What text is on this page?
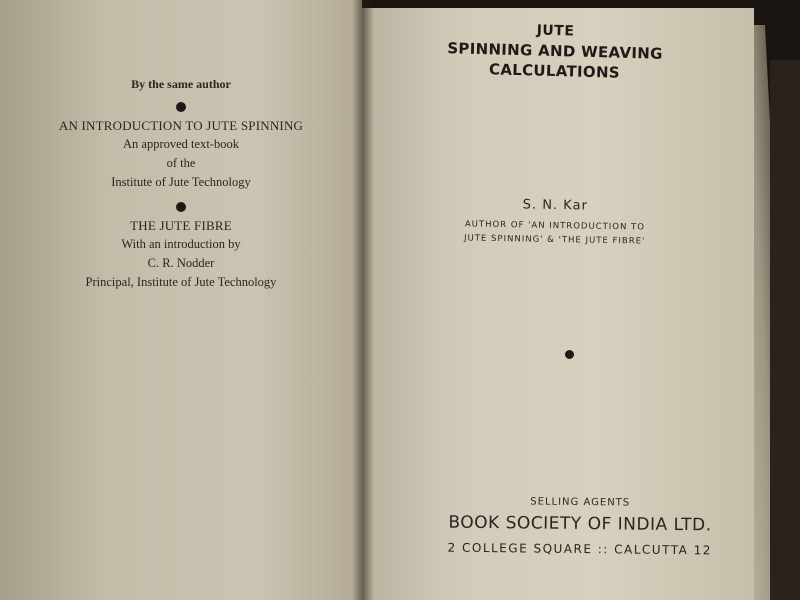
By the same author
AN INTRODUCTION TO JUTE SPINNING
An approved text-book
of the
Institute of Jute Technology
THE JUTE FIBRE
With an introduction by
C. R. Nodder
Principal, Institute of Jute Technology
JUTE
SPINNING AND WEAVING
CALCULATIONS
S. N. Kar
AUTHOR OF 'AN INTRODUCTION TO
JUTE SPINNING' & 'THE JUTE FIBRE'
SELLING AGENTS
BOOK SOCIETY OF INDIA LTD.
2 COLLEGE SQUARE :: CALCUTTA 12
